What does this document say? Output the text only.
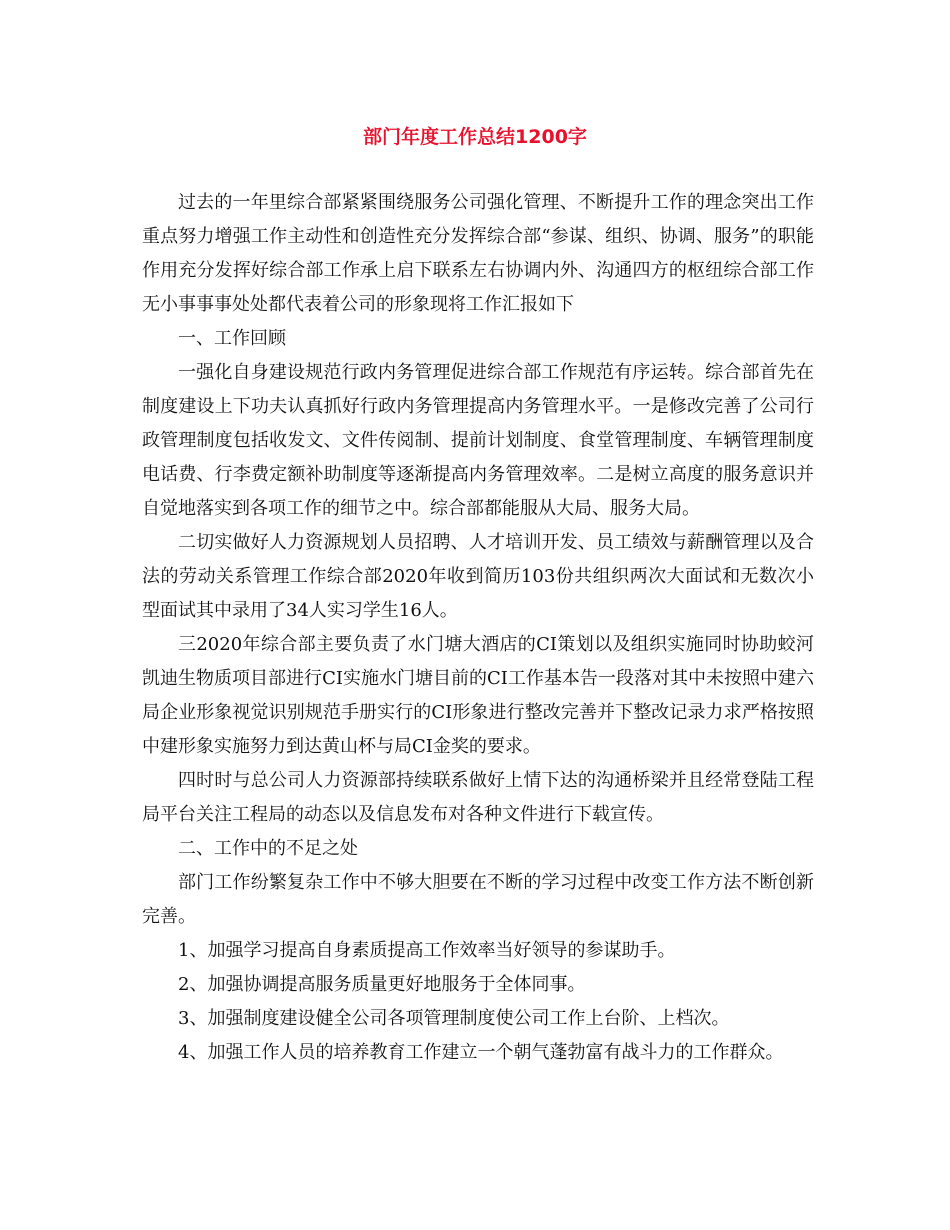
部门年度工作总结1200字

过去的一年里综合部紧紧围绕服务公司强化管理、不断提升工作的理念突出工作重点努力增强工作主动性和创造性充分发挥综合部“参谋、组织、协调、服务”的职能作用充分发挥好综合部工作承上启下联系左右协调内外、沟通四方的枢纽综合部工作无小事事事处处都代表着公司的形象现将工作汇报如下

一、工作回顾

一强化自身建设规范行政内务管理促进综合部工作规范有序运转。综合部首先在制度建设上下功夫认真抓好行政内务管理提高内务管理水平。一是修改完善了公司行政管理制度包括收发文、文件传阅制、提前计划制度、食堂管理制度、车辆管理制度电话费、行李费定额补助制度等逐渐提高内务管理效率。二是树立高度的服务意识并自觉地落实到各项工作的细节之中。综合部都能服从大局、服务大局。

二切实做好人力资源规划人员招聘、人才培训开发、员工绩效与薪酬管理以及合法的劳动关系管理工作综合部2020年收到简历103份共组织两次大面试和无数次小型面试其中录用了34人实习学生16人。

三2020年综合部主要负责了水门塘大酒店的CI策划以及组织实施同时协助蛟河凯迪生物质项目部进行CI实施水门塘目前的CI工作基本告一段落对其中未按照中建六局企业形象视觉识别规范手册实行的CI形象进行整改完善并下整改记录力求严格按照中建形象实施努力到达黄山杯与局CI金奖的要求。

四时时与总公司人力资源部持续联系做好上情下达的沟通桥梁并且经常登陆工程局平台关注工程局的动态以及信息发布对各种文件进行下载宣传。

二、工作中的不足之处

部门工作纷繁复杂工作中不够大胆要在不断的学习过程中改变工作方法不断创新完善。

1、加强学习提高自身素质提高工作效率当好领导的参谋助手。

2、加强协调提高服务质量更好地服务于全体同事。

3、加强制度建设健全公司各项管理制度使公司工作上台阶、上档次。

4、加强工作人员的培养教育工作建立一个朝气蓬勃富有战斗力的工作群众。
